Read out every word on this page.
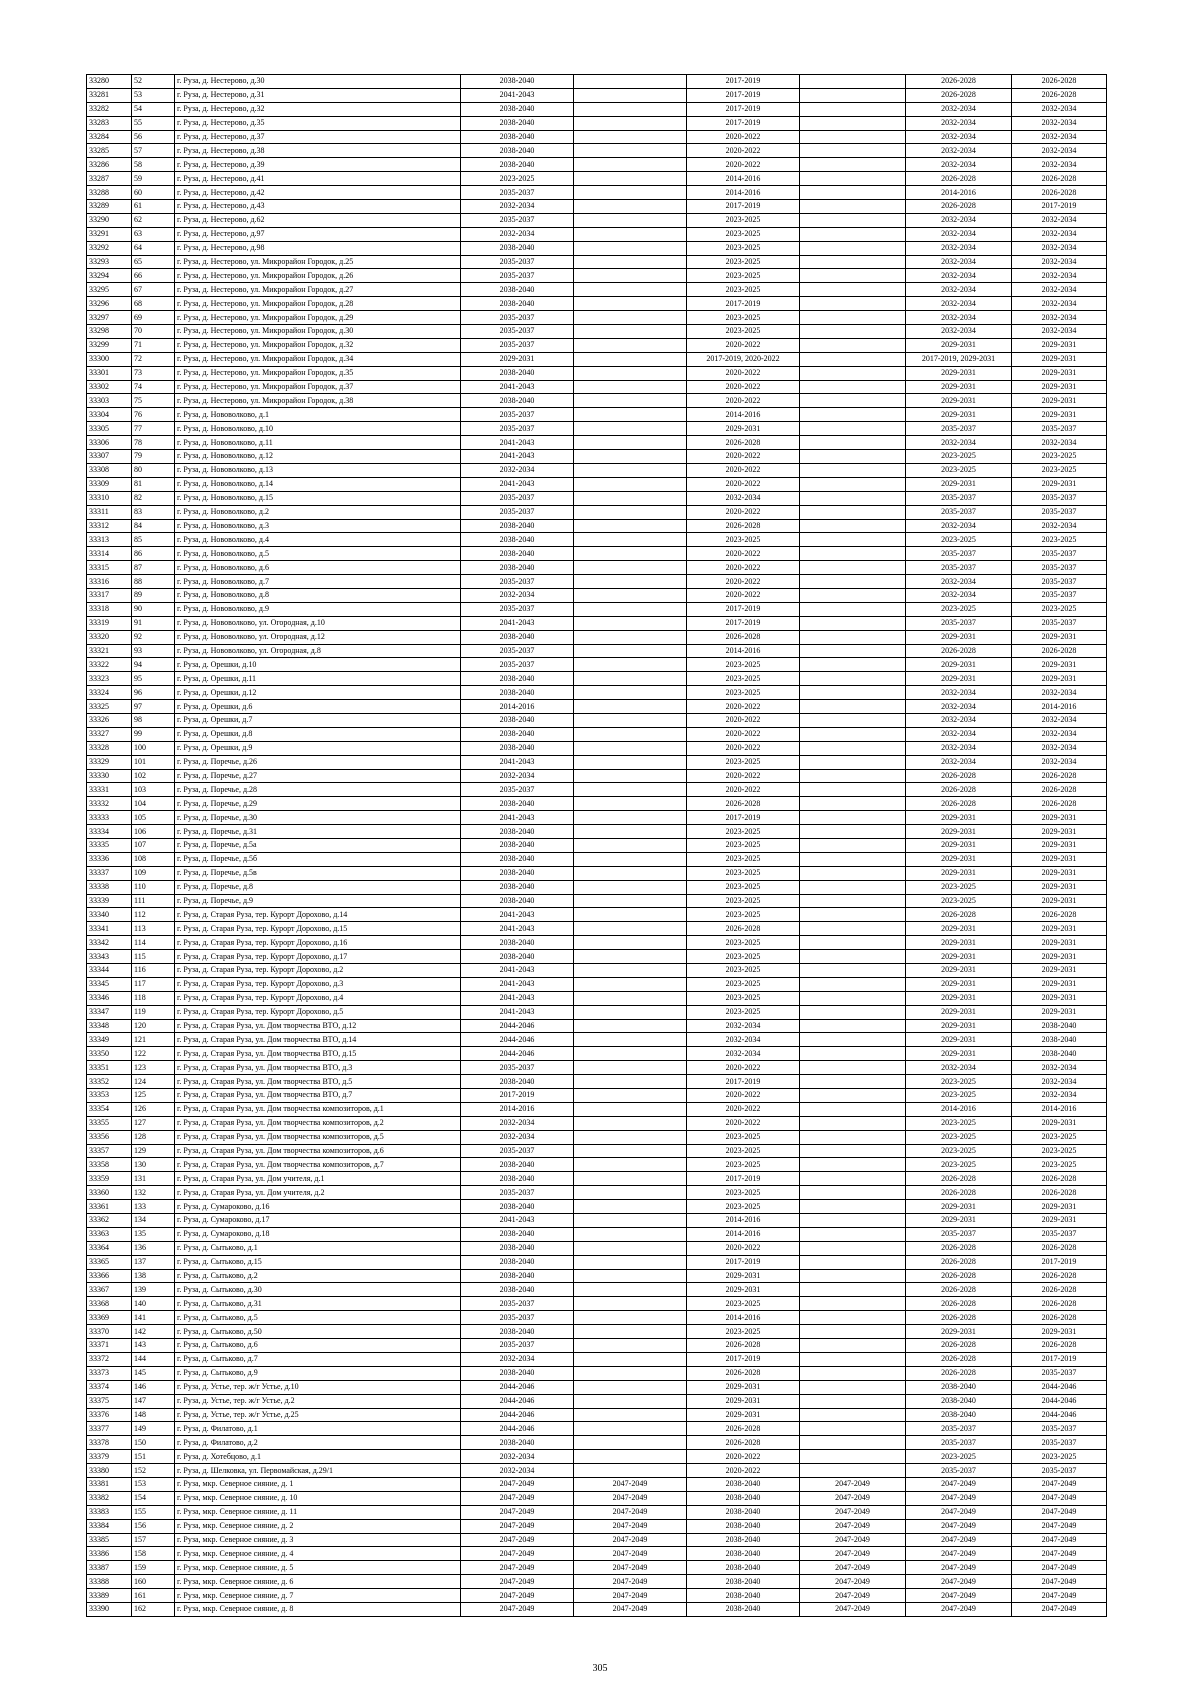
33280	52	г. Руза, д. Нестерово, д.30	2038-2040		2017-2019		2026-2028	2026-2028
33281	53	г. Руза, д. Нестерово, д.31	2041-2043		2017-2019		2026-2028	2026-2028
33282	54	г. Руза, д. Нестерово, д.32	2038-2040		2017-2019		2032-2034	2032-2034
33283	55	г. Руза, д. Нестерово, д.35	2038-2040		2017-2019		2032-2034	2032-2034
33284	56	г. Руза, д. Нестерово, д.37	2038-2040		2020-2022		2032-2034	2032-2034
33285	57	г. Руза, д. Нестерово, д.38	2038-2040		2020-2022		2032-2034	2032-2034
33286	58	г. Руза, д. Нестерово, д.39	2038-2040		2020-2022		2032-2034	2032-2034
33287	59	г. Руза, д. Нестерово, д.41	2023-2025		2014-2016		2026-2028	2026-2028
33288	60	г. Руза, д. Нестерово, д.42	2035-2037		2014-2016		2014-2016	2026-2028
33289	61	г. Руза, д. Нестерово, д.43	2032-2034		2017-2019		2026-2028	2017-2019
33290	62	г. Руза, д. Нестерово, д.62	2035-2037		2023-2025		2032-2034	2032-2034
33291	63	г. Руза, д. Нестерово, д.97	2032-2034		2023-2025		2032-2034	2032-2034
33292	64	г. Руза, д. Нестерово, д.98	2038-2040		2023-2025		2032-2034	2032-2034
33293	65	г. Руза, д. Нестерово, ул. Микрорайон Городок, д.25	2035-2037		2023-2025		2032-2034	2032-2034
33294	66	г. Руза, д. Нестерово, ул. Микрорайон Городок, д.26	2035-2037		2023-2025		2032-2034	2032-2034
33295	67	г. Руза, д. Нестерово, ул. Микрорайон Городок, д.27	2038-2040		2023-2025		2032-2034	2032-2034
33296	68	г. Руза, д. Нестерово, ул. Микрорайон Городок, д.28	2038-2040		2017-2019		2032-2034	2032-2034
33297	69	г. Руза, д. Нестерово, ул. Микрорайон Городок, д.29	2035-2037		2023-2025		2032-2034	2032-2034
33298	70	г. Руза, д. Нестерово, ул. Микрорайон Городок, д.30	2035-2037		2023-2025		2032-2034	2032-2034
33299	71	г. Руза, д. Нестерово, ул. Микрорайон Городок, д.32	2035-2037		2020-2022		2029-2031	2029-2031
33300	72	г. Руза, д. Нестерово, ул. Микрорайон Городок, д.34	2029-2031		2017-2019, 2020-2022		2017-2019, 2029-2031	2029-2031
33301	73	г. Руза, д. Нестерово, ул. Микрорайон Городок, д.35	2038-2040		2020-2022		2029-2031	2029-2031
33302	74	г. Руза, д. Нестерово, ул. Микрорайон Городок, д.37	2041-2043		2020-2022		2029-2031	2029-2031
33303	75	г. Руза, д. Нестерово, ул. Микрорайон Городок, д.38	2038-2040		2020-2022		2029-2031	2029-2031
33304	76	г. Руза, д. Нововолково, д.1	2035-2037		2014-2016		2029-2031	2029-2031
33305	77	г. Руза, д. Нововолково, д.10	2035-2037		2029-2031		2035-2037	2035-2037
33306	78	г. Руза, д. Нововолково, д.11	2041-2043		2026-2028		2032-2034	2032-2034
33307	79	г. Руза, д. Нововолково, д.12	2041-2043		2020-2022		2023-2025	2023-2025
33308	80	г. Руза, д. Нововолково, д.13	2032-2034		2020-2022		2023-2025	2023-2025
33309	81	г. Руза, д. Нововолково, д.14	2041-2043		2020-2022		2029-2031	2029-2031
33310	82	г. Руза, д. Нововолково, д.15	2035-2037		2032-2034		2035-2037	2035-2037
33311	83	г. Руза, д. Нововолково, д.2	2035-2037		2020-2022		2035-2037	2035-2037
33312	84	г. Руза, д. Нововолково, д.3	2038-2040		2026-2028		2032-2034	2032-2034
33313	85	г. Руза, д. Нововолково, д.4	2038-2040		2023-2025		2023-2025	2023-2025
33314	86	г. Руза, д. Нововолково, д.5	2038-2040		2020-2022		2035-2037	2035-2037
33315	87	г. Руза, д. Нововолково, д.6	2038-2040		2020-2022		2035-2037	2035-2037
33316	88	г. Руза, д. Нововолково, д.7	2035-2037		2020-2022		2032-2034	2035-2037
33317	89	г. Руза, д. Нововолково, д.8	2032-2034		2020-2022		2032-2034	2035-2037
33318	90	г. Руза, д. Нововолково, д.9	2035-2037		2017-2019		2023-2025	2023-2025
33319	91	г. Руза, д. Нововолково, ул. Огородная, д.10	2041-2043		2017-2019		2035-2037	2035-2037
33320	92	г. Руза, д. Нововолково, ул. Огородная, д.12	2038-2040		2026-2028		2029-2031	2029-2031
33321	93	г. Руза, д. Нововолково, ул. Огородная, д.8	2035-2037		2014-2016		2026-2028	2026-2028
33322	94	г. Руза, д. Орешки, д.10	2035-2037		2023-2025		2029-2031	2029-2031
33323	95	г. Руза, д. Орешки, д.11	2038-2040		2023-2025		2029-2031	2029-2031
33324	96	г. Руза, д. Орешки, д.12	2038-2040		2023-2025		2032-2034	2032-2034
33325	97	г. Руза, д. Орешки, д.6	2014-2016		2020-2022		2032-2034	2014-2016
33326	98	г. Руза, д. Орешки, д.7	2038-2040		2020-2022		2032-2034	2032-2034
33327	99	г. Руза, д. Орешки, д.8	2038-2040		2020-2022		2032-2034	2032-2034
33328	100	г. Руза, д. Орешки, д.9	2038-2040		2020-2022		2032-2034	2032-2034
33329	101	г. Руза, д. Поречье, д.26	2041-2043		2023-2025		2032-2034	2032-2034
33330	102	г. Руза, д. Поречье, д.27	2032-2034		2020-2022		2026-2028	2026-2028
33331	103	г. Руза, д. Поречье, д.28	2035-2037		2020-2022		2026-2028	2026-2028
33332	104	г. Руза, д. Поречье, д.29	2038-2040		2026-2028		2026-2028	2026-2028
33333	105	г. Руза, д. Поречье, д.30	2041-2043		2017-2019		2029-2031	2029-2031
33334	106	г. Руза, д. Поречье, д.31	2038-2040		2023-2025		2029-2031	2029-2031
33335	107	г. Руза, д. Поречье, д.5а	2038-2040		2023-2025		2029-2031	2029-2031
33336	108	г. Руза, д. Поречье, д.5б	2038-2040		2023-2025		2029-2031	2029-2031
33337	109	г. Руза, д. Поречье, д.5в	2038-2040		2023-2025		2029-2031	2029-2031
33338	110	г. Руза, д. Поречье, д.8	2038-2040		2023-2025		2023-2025	2029-2031
33339	111	г. Руза, д. Поречье, д.9	2038-2040		2023-2025		2023-2025	2029-2031
33340	112	г. Руза, д. Старая Руза, тер. Курорт Дорохово, д.14	2041-2043		2023-2025		2026-2028	2026-2028
33341	113	г. Руза, д. Старая Руза, тер. Курорт Дорохово, д.15	2041-2043		2026-2028		2029-2031	2029-2031
33342	114	г. Руза, д. Старая Руза, тер. Курорт Дорохово, д.16	2038-2040		2023-2025		2029-2031	2029-2031
33343	115	г. Руза, д. Старая Руза, тер. Курорт Дорохово, д.17	2038-2040		2023-2025		2029-2031	2029-2031
33344	116	г. Руза, д. Старая Руза, тер. Курорт Дорохово, д.2	2041-2043		2023-2025		2029-2031	2029-2031
33345	117	г. Руза, д. Старая Руза, тер. Курорт Дорохово, д.3	2041-2043		2023-2025		2029-2031	2029-2031
33346	118	г. Руза, д. Старая Руза, тер. Курорт Дорохово, д.4	2041-2043		2023-2025		2029-2031	2029-2031
33347	119	г. Руза, д. Старая Руза, тер. Курорт Дорохово, д.5	2041-2043		2023-2025		2029-2031	2029-2031
33348	120	г. Руза, д. Старая Руза, ул. Дом творчества ВТО, д.12	2044-2046		2032-2034		2029-2031	2038-2040
33349	121	г. Руза, д. Старая Руза, ул. Дом творчества ВТО, д.14	2044-2046		2032-2034		2029-2031	2038-2040
33350	122	г. Руза, д. Старая Руза, ул. Дом творчества ВТО, д.15	2044-2046		2032-2034		2029-2031	2038-2040
33351	123	г. Руза, д. Старая Руза, ул. Дом творчества ВТО, д.3	2035-2037		2020-2022		2032-2034	2032-2034
33352	124	г. Руза, д. Старая Руза, ул. Дом творчества ВТО, д.5	2038-2040		2017-2019		2023-2025	2032-2034
33353	125	г. Руза, д. Старая Руза, ул. Дом творчества ВТО, д.7	2017-2019		2020-2022		2023-2025	2032-2034
33354	126	г. Руза, д. Старая Руза, ул. Дом творчества композиторов, д.1	2014-2016		2020-2022		2014-2016	2014-2016
33355	127	г. Руза, д. Старая Руза, ул. Дом творчества композиторов, д.2	2032-2034		2020-2022		2023-2025	2029-2031
33356	128	г. Руза, д. Старая Руза, ул. Дом творчества композиторов, д.5	2032-2034		2023-2025		2023-2025	2023-2025
33357	129	г. Руза, д. Старая Руза, ул. Дом творчества композиторов, д.6	2035-2037		2023-2025		2023-2025	2023-2025
33358	130	г. Руза, д. Старая Руза, ул. Дом творчества композиторов, д.7	2038-2040		2023-2025		2023-2025	2023-2025
33359	131	г. Руза, д. Старая Руза, ул. Дом учителя, д.1	2038-2040		2017-2019		2026-2028	2026-2028
33360	132	г. Руза, д. Старая Руза, ул. Дом учителя, д.2	2035-2037		2023-2025		2026-2028	2026-2028
33361	133	г. Руза, д. Сумароково, д.16	2038-2040		2023-2025		2029-2031	2029-2031
33362	134	г. Руза, д. Сумароково, д.17	2041-2043		2014-2016		2029-2031	2029-2031
33363	135	г. Руза, д. Сумароково, д.18	2038-2040		2014-2016		2035-2037	2035-2037
33364	136	г. Руза, д. Сытьково, д.1	2038-2040		2020-2022		2026-2028	2026-2028
33365	137	г. Руза, д. Сытьково, д.15	2038-2040		2017-2019		2026-2028	2017-2019
33366	138	г. Руза, д. Сытьково, д.2	2038-2040		2029-2031		2026-2028	2026-2028
33367	139	г. Руза, д. Сытьково, д.30	2038-2040		2029-2031		2026-2028	2026-2028
33368	140	г. Руза, д. Сытьково, д.31	2035-2037		2023-2025		2026-2028	2026-2028
33369	141	г. Руза, д. Сытьково, д.5	2035-2037		2014-2016		2026-2028	2026-2028
33370	142	г. Руза, д. Сытьково, д.50	2038-2040		2023-2025		2029-2031	2029-2031
33371	143	г. Руза, д. Сытьково, д.6	2035-2037		2026-2028		2026-2028	2026-2028
33372	144	г. Руза, д. Сытьково, д.7	2032-2034		2017-2019		2026-2028	2017-2019
33373	145	г. Руза, д. Сытьково, д.9	2038-2040		2026-2028		2026-2028	2035-2037
33374	146	г. Руза, д. Устье, тер. ж/г Устье, д.10	2044-2046		2029-2031		2038-2040	2044-2046
33375	147	г. Руза, д. Устье, тер. ж/г Устье, д.2	2044-2046		2029-2031		2038-2040	2044-2046
33376	148	г. Руза, д. Устье, тер. ж/г Устье, д.25	2044-2046		2029-2031		2038-2040	2044-2046
33377	149	г. Руза, д. Филатово, д.1	2044-2046		2026-2028		2035-2037	2035-2037
33378	150	г. Руза, д. Филатово, д.2	2038-2040		2026-2028		2035-2037	2035-2037
33379	151	г. Руза, д. Хотебцово, д.1	2032-2034		2020-2022		2023-2025	2023-2025
33380	152	г. Руза, д. Шелковка, ул. Первомайская, д.29/1	2032-2034		2020-2022		2035-2037	2035-2037
33381	153	г. Руза, мкр. Северное сияние, д. 1	2047-2049	2047-2049	2038-2040	2047-2049	2047-2049	2047-2049
33382	154	г. Руза, мкр. Северное сияние, д. 10	2047-2049	2047-2049	2038-2040	2047-2049	2047-2049	2047-2049
33383	155	г. Руза, мкр. Северное сияние, д. 11	2047-2049	2047-2049	2038-2040	2047-2049	2047-2049	2047-2049
33384	156	г. Руза, мкр. Северное сияние, д. 2	2047-2049	2047-2049	2038-2040	2047-2049	2047-2049	2047-2049
33385	157	г. Руза, мкр. Северное сияние, д. 3	2047-2049	2047-2049	2038-2040	2047-2049	2047-2049	2047-2049
33386	158	г. Руза, мкр. Северное сияние, д. 4	2047-2049	2047-2049	2038-2040	2047-2049	2047-2049	2047-2049
33387	159	г. Руза, мкр. Северное сияние, д. 5	2047-2049	2047-2049	2038-2040	2047-2049	2047-2049	2047-2049
33388	160	г. Руза, мкр. Северное сияние, д. 6	2047-2049	2047-2049	2038-2040	2047-2049	2047-2049	2047-2049
33389	161	г. Руза, мкр. Северное сияние, д. 7	2047-2049	2047-2049	2038-2040	2047-2049	2047-2049	2047-2049
33390	162	г. Руза, мкр. Северное сияние, д. 8	2047-2049	2047-2049	2038-2040	2047-2049	2047-2049	2047-2049
305
